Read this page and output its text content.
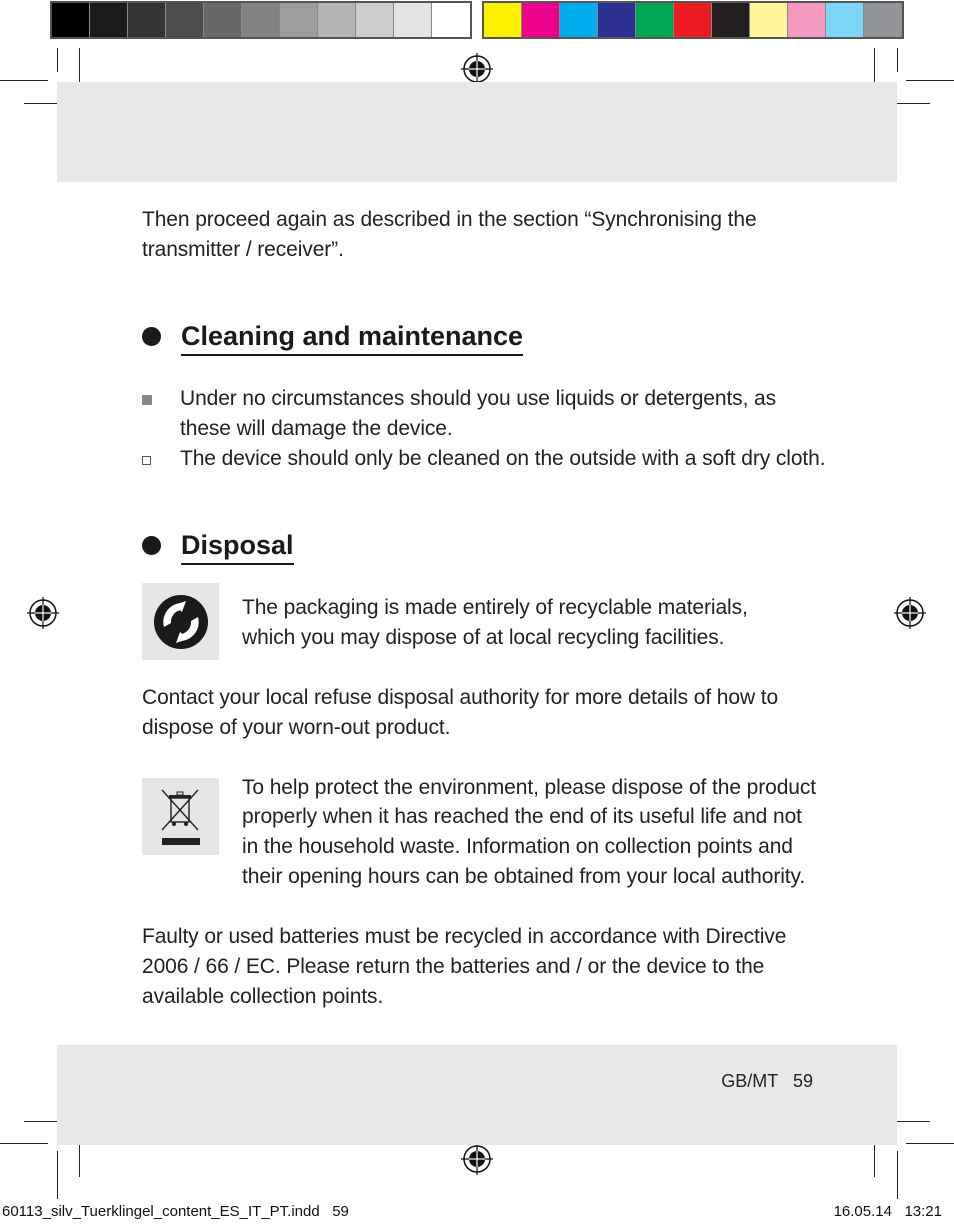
Then proceed again as described in the section “Synchronising the
transmitter / receiver”.
Cleaning and maintenance
Under no circumstances should you use liquids or detergents, as
these will damage the device.
The device should only be cleaned on the outside with a soft dry cloth.
Disposal
The packaging is made entirely of recyclable materials,
which you may dispose of at local recycling facilities.
Contact your local refuse disposal authority for more details of how to
dispose of your worn-out product.
To help protect the environment, please dispose of the product
properly when it has reached the end of its useful life and not
in the household waste. Information on collection points and
their opening hours can be obtained from your local authority.
Faulty or used batteries must be recycled in accordance with Directive
2006 / 66 / EC. Please return the batteries and / or the device to the
available collection points.
GB/MT   59
60113_silv_Tuerklingel_content_ES_IT_PT.indd   59	16.05.14   13:21
